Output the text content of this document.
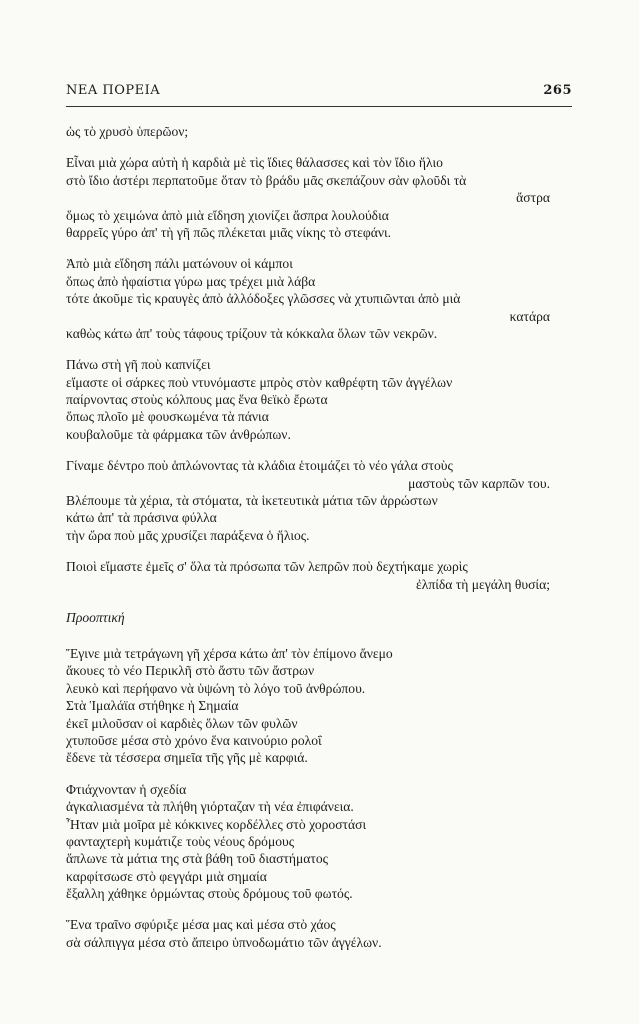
ΝΕΑ ΠΟΡΕΙΑ	265
ὡς τὸ χρυσὸ ὑπερῶον;
Εἶναι μιὰ χώρα αὐτὴ ἡ καρδιὰ μὲ τὶς ἴδιες θάλασσες καὶ τὸν ἴδιο ἥλιο
στὸ ἴδιο ἀστέρι περπατοῦμε ὅταν τὸ βράδυ μᾶς σκεπάζουν σὰν φλοῦδι τὰ
ἄστρα
ὅμως τὸ χειμώνα ἀπὸ μιὰ εἴδηση χιονίζει ἄσπρα λουλούδια
θαρρεῖς γύρο ἀπ' τὴ γῆ πῶς πλέκεται μιᾶς νίκης τὸ στεφάνι.
Ἀπὸ μιὰ εἴδηση πάλι ματώνουν οἱ κάμποι
ὅπως ἀπὸ ἡφαίστια γύρω μας τρέχει μιὰ λάβα
τότε ἀκοῦμε τὶς κραυγὲς ἀπὸ ἀλλόδοξες γλῶσσες νὰ χτυπιῶνται ἀπὸ μιὰ
κατάρα
καθὼς κάτω ἀπ' τοὺς τάφους τρίζουν τὰ κόκκαλα ὅλων τῶν νεκρῶν.
Πάνω στὴ γῆ ποὺ καπνίζει
εἴμαστε οἱ σάρκες ποὺ ντυνόμαστε μπρὸς στὸν καθρέφτη τῶν ἀγγέλων
παίρνοντας στοὺς κόλπους μας ἕνα θεϊκὸ ἔρωτα
ὅπως πλοῖο μὲ φουσκωμένα τὰ πάνια
κουβαλοῦμε τὰ φάρμακα τῶν ἀνθρώπων.
Γίναμε δέντρο ποὺ ἁπλώνοντας τὰ κλάδια ἑτοιμάζει τὸ νέο γάλα στοὺς
μαστοὺς τῶν καρπῶν του.
Βλέπουμε τὰ χέρια, τὰ στόματα, τὰ ἱκετευτικὰ μάτια τῶν ἀρρώστων
κάτω ἀπ' τὰ πράσινα φύλλα
τὴν ὥρα ποὺ μᾶς χρυσίζει παράξενα ὁ ἥλιος.
Ποιοὶ εἴμαστε ἐμεῖς σ' ὅλα τὰ πρόσωπα τῶν λεπρῶν ποὺ δεχτήκαμε χωρὶς
ἐλπίδα τὴ μεγάλη θυσία;
Προοπτική
Ἔγινε μιὰ τετράγωνη γῆ χέρσα κάτω ἀπ' τὸν ἐπίμονο ἄνεμο
ἄκουες τὸ νέο Περικλῆ στὸ ἄστυ τῶν ἄστρων
λευκὸ καὶ περήφανο νὰ ὑψώνη τὸ λόγο τοῦ ἀνθρώπου.
Στὰ Ἱμαλάϊα στήθηκε ἡ Σημαία
ἐκεῖ μιλοῦσαν οἱ καρδιὲς ὅλων τῶν φυλῶν
χτυποῦσε μέσα στὸ χρόνο ἕνα καινούριο ρολοΐ
ἔδενε τὰ τέσσερα σημεῖα τῆς γῆς μὲ καρφιά.
Φτιάχνονταν ἡ σχεδία
ἀγκαλιασμένα τὰ πλήθη γιόρταζαν τὴ νέα ἐπιφάνεια.
Ἦταν μιὰ μοῖρα μὲ κόκκινες κορδέλλες στὸ χοροστάσι
φανταχτερὴ κυμάτιζε τοὺς νέους δρόμους
ἅπλωνε τὰ μάτια της στὰ βάθη τοῦ διαστήματος
καρφίτσωσε στὸ φεγγάρι μιὰ σημαία
ἔξαλλη χάθηκε ὁρμώντας στοὺς δρόμους τοῦ φωτός.
Ἕνα τραῖνο σφύριξε μέσα μας καὶ μέσα στὸ χάος
σὰ σάλπιγγα μέσα στὸ ἄπειρο ὑπνοδωμάτιο τῶν ἀγγέλων.
